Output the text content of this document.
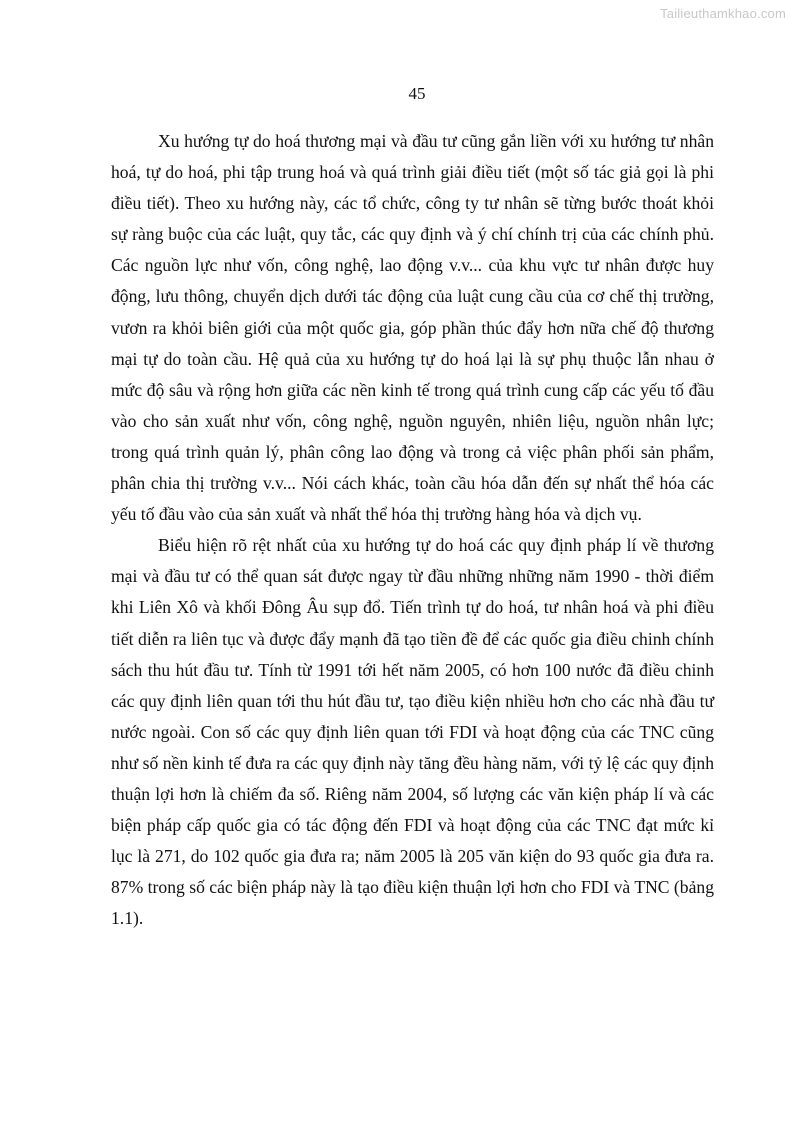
Tailieuthamkhao.com
45

Xu hướng tự do hoá thương mại và đầu tư cũng gắn liền với xu hướng tư nhân hoá, tự do hoá, phi tập trung hoá và quá trình giải điều tiết (một số tác giả gọi là phi điều tiết). Theo xu hướng này, các tổ chức, công ty tư nhân sẽ từng bước thoát khỏi sự ràng buộc của các luật, quy tắc, các quy định và ý chí chính trị của các chính phủ. Các nguồn lực như vốn, công nghệ, lao động v.v... của khu vực tư nhân được huy động, lưu thông, chuyển dịch dưới tác động của luật cung cầu của cơ chế thị trường, vươn ra khỏi biên giới của một quốc gia, góp phần thúc đẩy hơn nữa chế độ thương mại tự do toàn cầu. Hệ quả của xu hướng tự do hoá lại là sự phụ thuộc lẫn nhau ở mức độ sâu và rộng hơn giữa các nền kinh tế trong quá trình cung cấp các yếu tố đầu vào cho sản xuất như vốn, công nghệ, nguồn nguyên, nhiên liệu, nguồn nhân lực; trong quá trình quản lý, phân công lao động và trong cả việc phân phối sản phẩm, phân chia thị trường v.v... Nói cách khác, toàn cầu hóa dẫn đến sự nhất thể hóa các yếu tố đầu vào của sản xuất và nhất thể hóa thị trường hàng hóa và dịch vụ.

Biểu hiện rõ rệt nhất của xu hướng tự do hoá các quy định pháp lí về thương mại và đầu tư có thể quan sát được ngay từ đầu những những năm 1990 - thời điểm khi Liên Xô và khối Đông Âu sụp đổ. Tiến trình tự do hoá, tư nhân hoá và phi điều tiết diễn ra liên tục và được đẩy mạnh đã tạo tiền đề để các quốc gia điều chinh chính sách thu hút đầu tư. Tính từ 1991 tới hết năm 2005, có hơn 100 nước đã điều chinh các quy định liên quan tới thu hút đầu tư, tạo điều kiện nhiều hơn cho các nhà đầu tư nước ngoài. Con số các quy định liên quan tới FDI và hoạt động của các TNC cũng như số nền kinh tế đưa ra các quy định này tăng đều hàng năm, với tỷ lệ các quy định thuận lợi hơn là chiếm đa số. Riêng năm 2004, số lượng các văn kiện pháp lí và các biện pháp cấp quốc gia có tác động đến FDI và hoạt động của các TNC đạt mức kỉ lục là 271, do 102 quốc gia đưa ra; năm 2005 là 205 văn kiện do 93 quốc gia đưa ra. 87% trong số các biện pháp này là tạo điều kiện thuận lợi hơn cho FDI và TNC (bảng 1.1).
